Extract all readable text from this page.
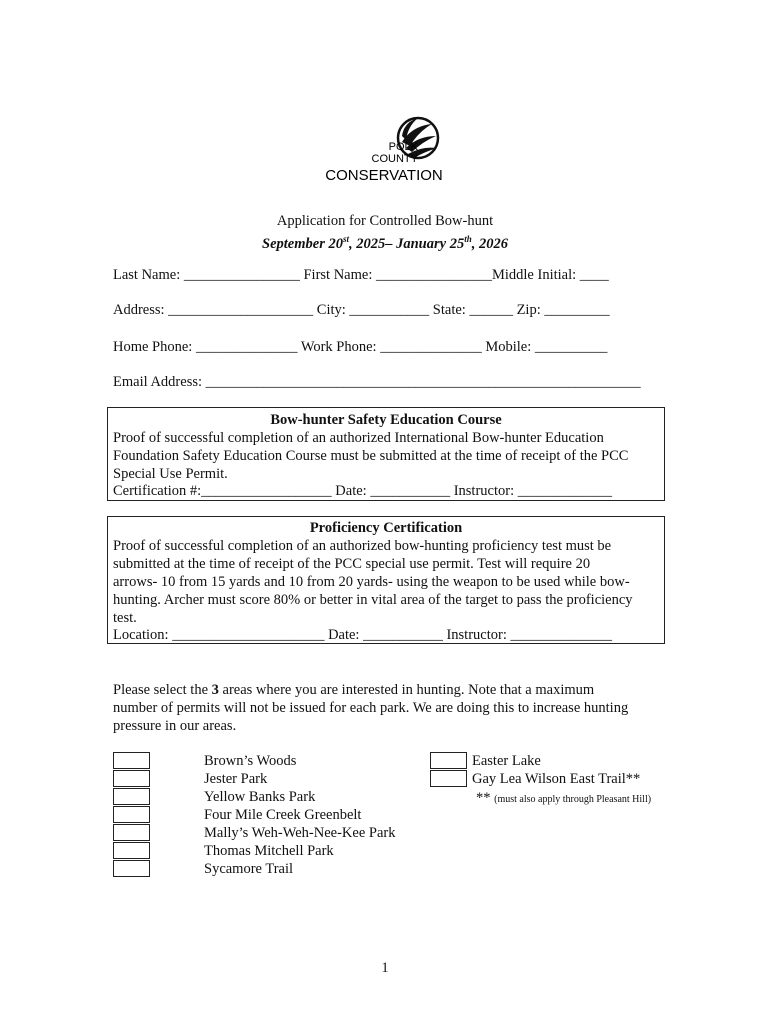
POLK
COUNTY
CONSERVATION
Application for Controlled Bow-hunt
September 20st, 2025– January 25th, 2026
Last Name: ________________ First Name: ________________Middle Initial: ____
Address: ____________________ City: ___________ State: ______ Zip: _________
Home Phone: ______________ Work Phone: ______________ Mobile: __________
Email Address: ____________________________________________________________
Bow-hunter Safety Education Course
Proof of successful completion of an authorized International Bow-hunter Education
Foundation Safety Education Course must be submitted at the time of receipt of the PCC
Special Use Permit.
Certification #:__________________ Date: ___________ Instructor: _____________
Proficiency Certification
Proof of successful completion of an authorized bow-hunting proficiency test must be
submitted at the time of receipt of the PCC special use permit. Test will require 20
arrows- 10 from 15 yards and 10 from 20 yards- using the weapon to be used while bow-
hunting. Archer must score 80% or better in vital area of the target to pass the proficiency
test.
Location: _____________________ Date: ___________ Instructor: ______________
Please select the 3 areas where you are interested in hunting. Note that a maximum
number of permits will not be issued for each park. We are doing this to increase hunting
pressure in our areas.
Brown’s Woods
Jester Park
Yellow Banks Park
Four Mile Creek Greenbelt
Mally’s Weh-Weh-Nee-Kee Park
Thomas Mitchell Park
Sycamore Trail
Easter Lake
Gay Lea Wilson East Trail**
** (must also apply through Pleasant Hill)
1
